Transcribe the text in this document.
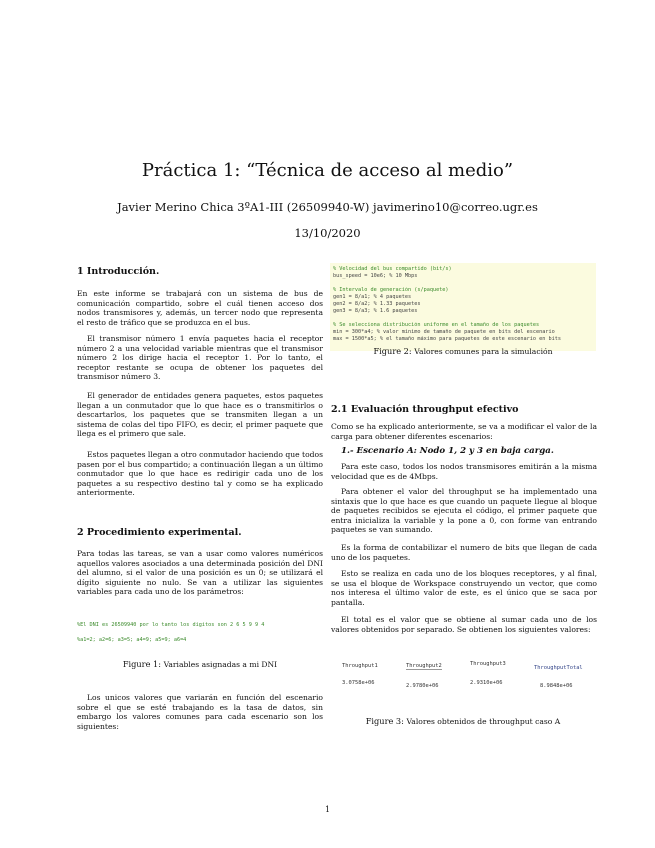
Práctica 1: “Técnica de acceso al medio”
Javier Merino Chica 3ºA1-III (26509940-W) javimerino10@correo.ugr.es
13/10/2020
1 Introducción.
En este informe se trabajará con un sistema de bus de comunicación compartido, sobre el cuál tienen acceso dos nodos transmisores y, además, un tercer nodo que representa el resto de tráfico que se produzca en el bus.
El transmisor número 1 envía paquetes hacia el receptor número 2 a una velocidad variable mientras que el transmisor número 2 los dirige hacia el receptor 1. Por lo tanto, el receptor restante se ocupa de obtener los paquetes del transmisor número 3.
El generador de entidades genera paquetes, estos paquetes llegan a un conmutador que lo que hace es o transmitirlos o descartarlos, los paquetes que se transmiten llegan a un sistema de colas del tipo FIFO, es decir, el primer paquete que llega es el primero que sale.
Estos paquetes llegan a otro conmutador haciendo que todos pasen por el bus compartido; a continuación llegan a un último conmutador que lo que hace es redirigir cada uno de los paquetes a su respectivo destino tal y como se ha explicado anteriormente.
2 Procedimiento experimental.
Para todas las tareas, se van a usar como valores numéricos aquellos valores asociados a una determinada posición del DNI del alumno, si el valor de una posición es un 0; se utilizará el dígito siguiente no nulo. Se van a utilizar las siguientes variables para cada uno de los parámetros:
%El DNI es 26509940 por lo tanto los dígitos son 2 6 5 9 9 4
%a1=2; a2=6; a3=5; a4=9; a5=9; a6=4
Figure 1: Variables asignadas a mi DNI
Los unicos valores que variarán en función del escenario sobre el que se esté trabajando es la tasa de datos, sin embargo los valores comunes para cada escenario son los siguientes:
% Velocidad del bus compartido (bit/s)
bus_speed = 10e6; % 10 Mbps
% Intervalo de generación (s/paquete)
gen1 = 8/a1; % 4 paquetes
gen2 = 8/a2; % 1.33 paquetes
gen3 = 8/a3; % 1.6 paquetes
% Se selecciona distribución uniforme en el tamaño de los paquetes
min = 300*a4; % valor minimo de tamaño de paquete en bits del escenario
max = 1500*a5; % el tamaño máximo para paquetes de este escenario en bits
Figure 2: Valores comunes para la simulación
2.1 Evaluación throughput efectivo
Como se ha explicado anteriormente, se va a modificar el valor de la carga para obtener diferentes escenarios:
1.- Escenario A: Nodo 1, 2 y 3 en baja carga.
Para este caso, todos los nodos transmisores emitirán a la misma velocidad que es de 4Mbps.
Para obtener el valor del throughput se ha implementado una sintaxis que lo que hace es que cuando un paquete llegue al bloque de paquetes recibidos se ejecuta el código, el primer paquete que entra inicializa la variable y la pone a 0, con forme van entrando paquetes se van sumando.
Es la forma de contabilizar el numero de bits que llegan de cada uno de los paquetes.
Esto se realiza en cada uno de los bloques receptores, y al final, se usa el bloque de Workspace construyendo un vector, que como nos interesa el último valor de este, es el único que se saca por pantalla.
El total es el valor que se obtiene al sumar cada uno de los valores obtenidos por separado. Se obtienen los siguientes valores:
Throughput1
3.0758e+06
Throughput2
2.9780e+06
Throughput3
2.9310e+06
ThroughputTotal
8.9848e+06
Figure 3: Valores obtenidos de throughput caso A
1
